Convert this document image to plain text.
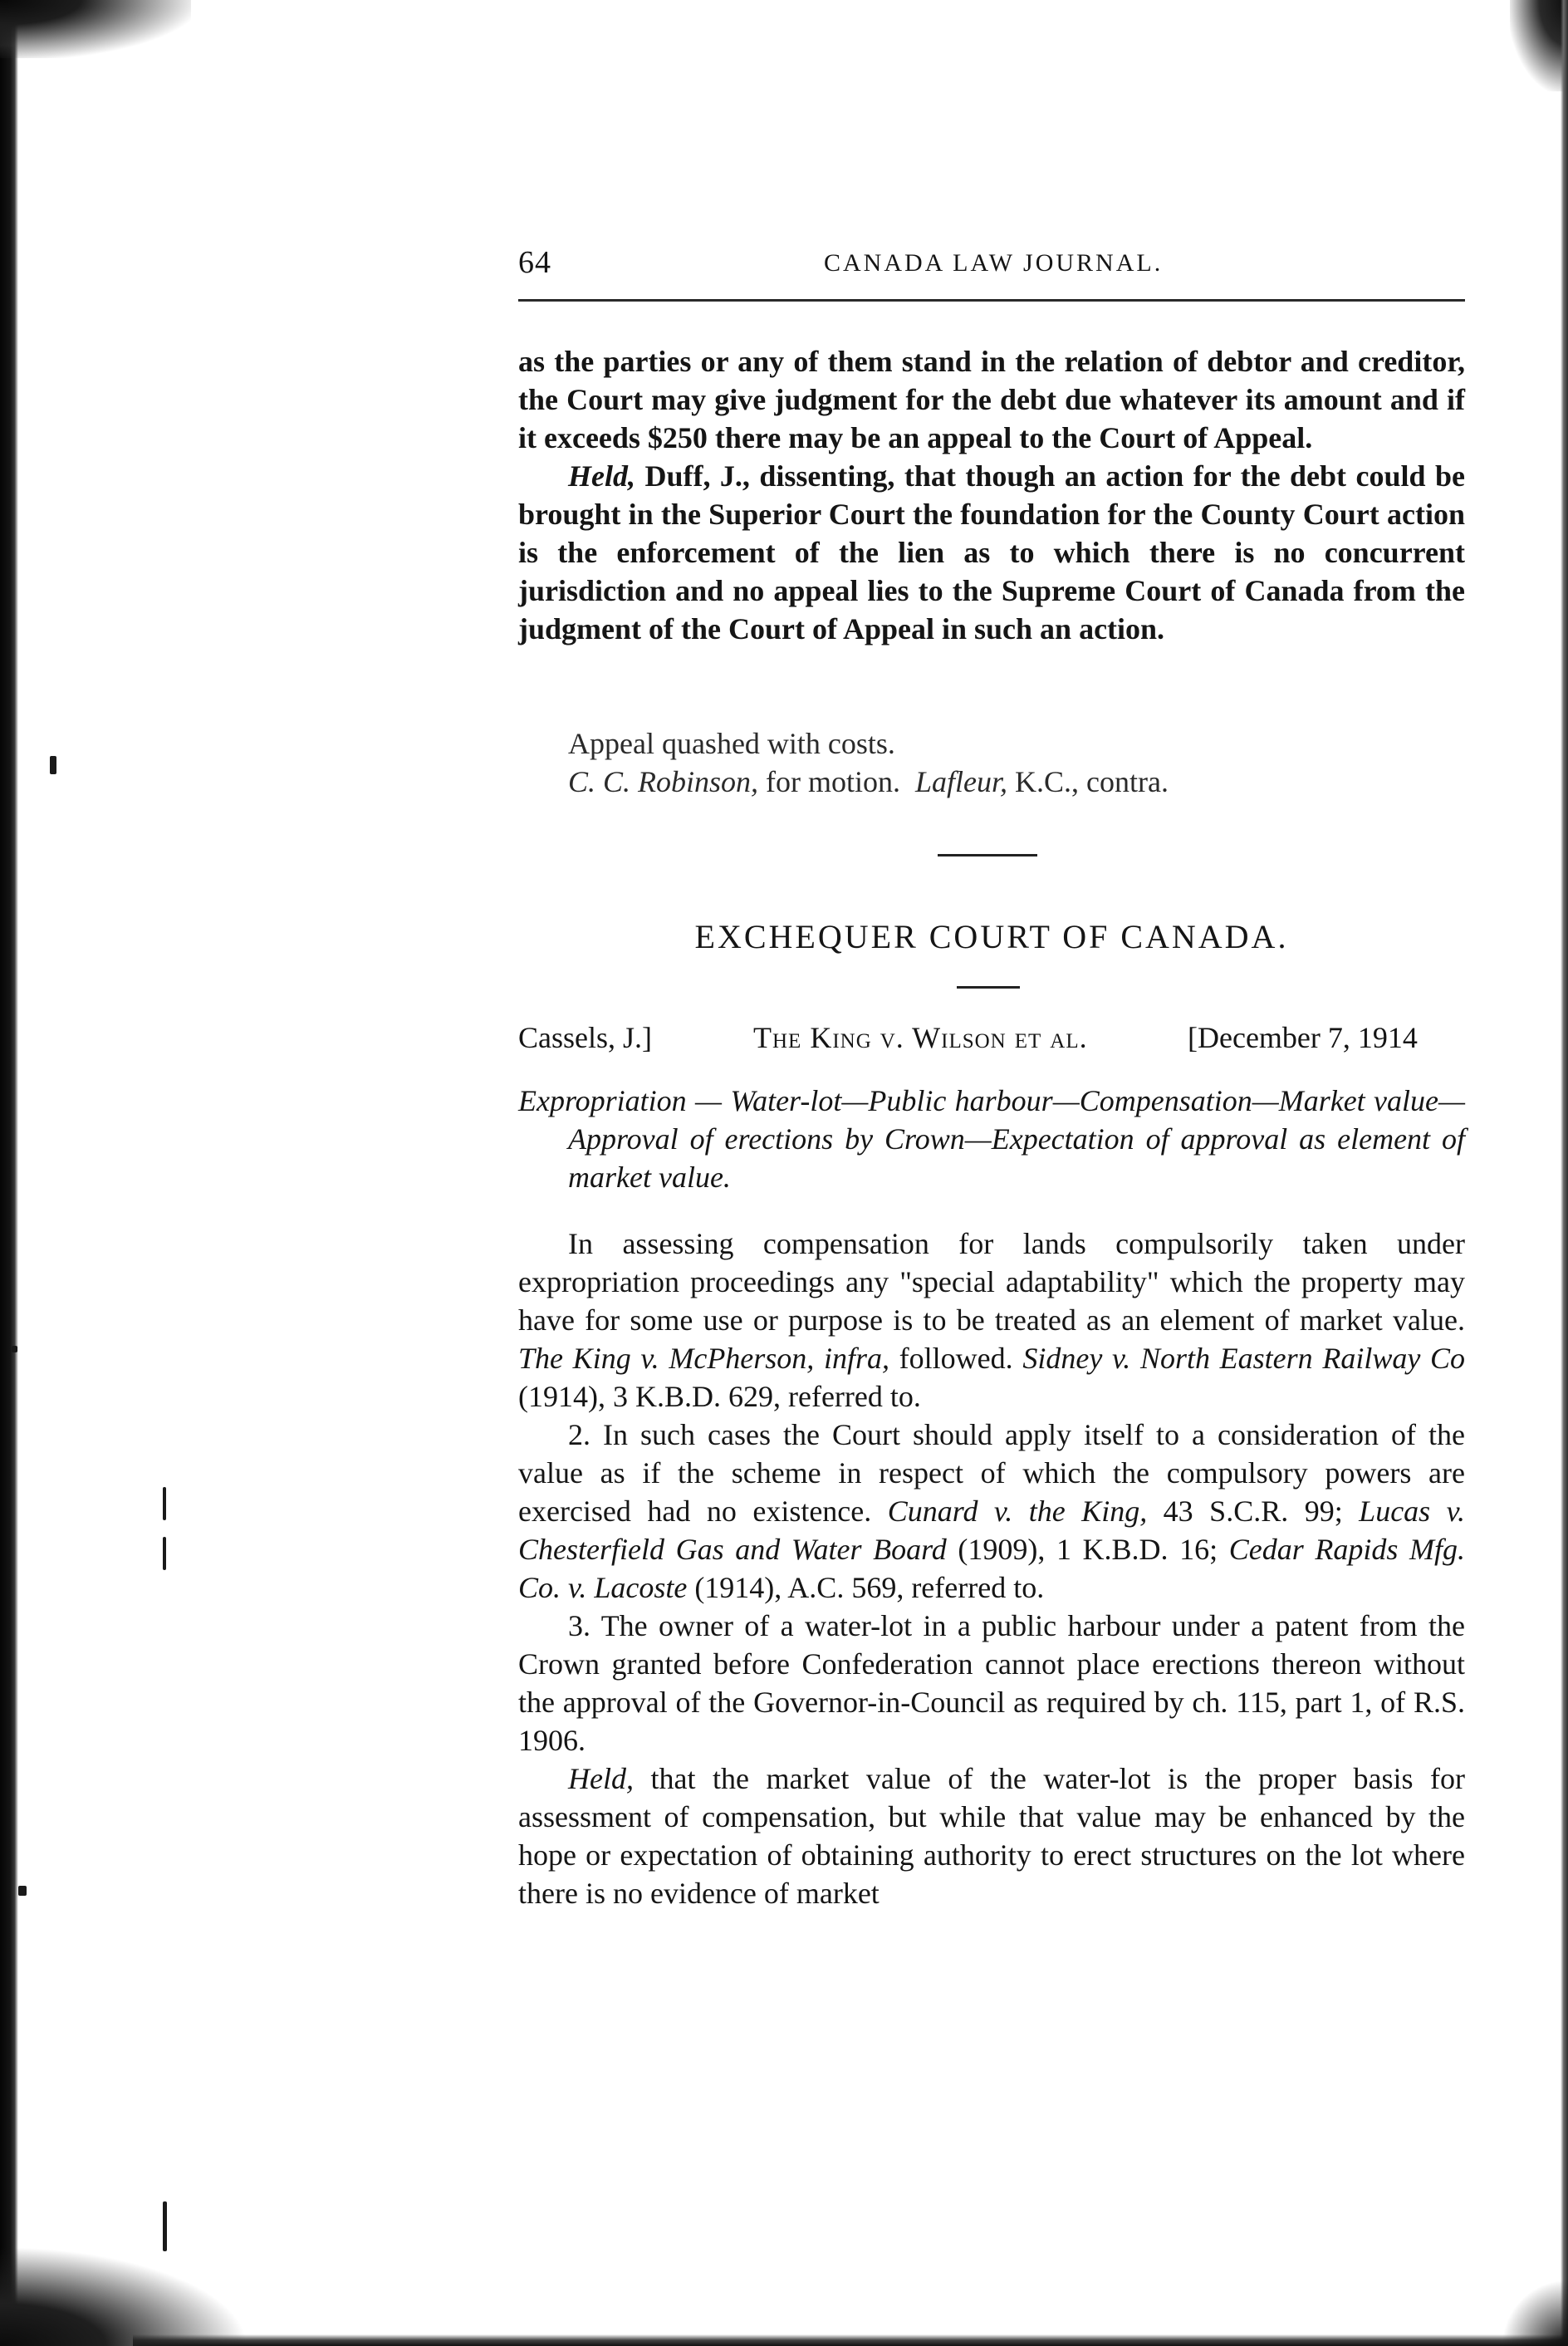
64	CANADA LAW JOURNAL.

as the parties or any of them stand in the relation of debtor and creditor, the Court may give judgment for the debt due whatever its amount and if it exceeds $250 there may be an appeal to the Court of Appeal.

Held, Duff, J., dissenting, that though an action for the debt could be brought in the Superior Court the foundation for the County Court action is the enforcement of the lien as to which there is no concurrent jurisdiction and no appeal lies to the Supreme Court of Canada from the judgment of the Court of Appeal in such an action.

Appeal quashed with costs.

C. C. Robinson, for motion. Lafleur, K.C., contra.

EXCHEQUER COURT OF CANADA.
Cassels, J.]	The King v. Wilson et al.	[December 7, 1914

Expropriation — Water-lot—Public harbour—Compensation—Market value—Approval of erections by Crown—Expectation of approval as element of market value.

In assessing compensation for lands compulsorily taken under expropriation proceedings any "special adaptability" which the property may have for some use or purpose is to be treated as an element of market value. The King v. McPherson, infra, followed. Sidney v. North Eastern Railway Co (1914), 3 K.B.D. 629, referred to.

2. In such cases the Court should apply itself to a consideration of the value as if the scheme in respect of which the compulsory powers are exercised had no existence. Cunard v. the King, 43 S.C.R. 99; Lucas v. Chesterfield Gas and Water Board (1909), 1 K.B.D. 16; Cedar Rapids Mfg. Co. v. Lacoste (1914), A.C. 569, referred to.

3. The owner of a water-lot in a public harbour under a patent from the Crown granted before Confederation cannot place erections thereon without the approval of the Governor-in-Council as required by ch. 115, part 1, of R.S. 1906.

Held, that the market value of the water-lot is the proper basis for assessment of compensation, but while that value may be enhanced by the hope or expectation of obtaining authority to erect structures on the lot where there is no evidence of market
